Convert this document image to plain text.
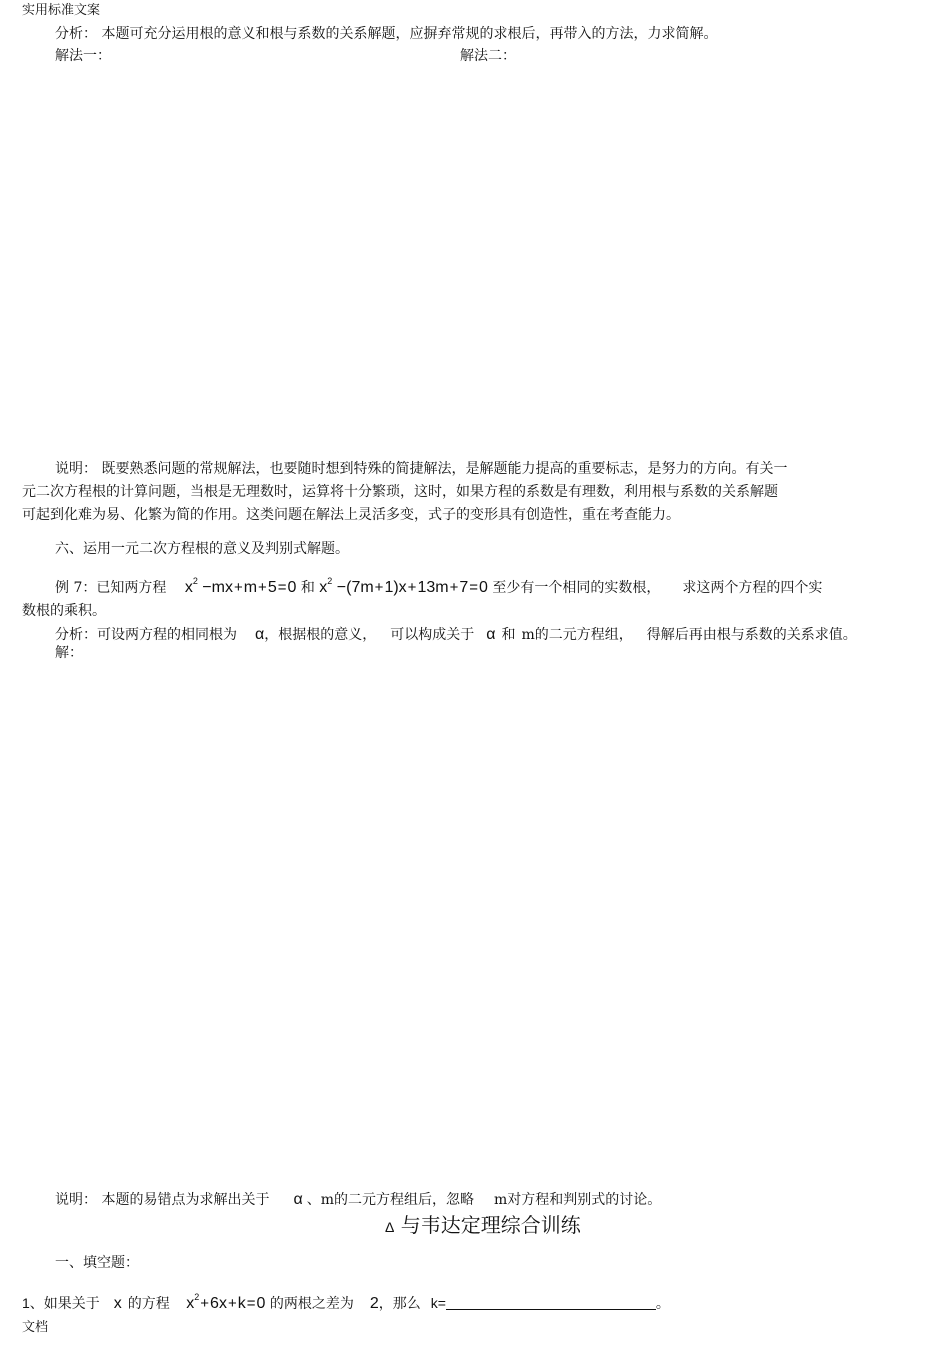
实用标准文案
分析： 本题可充分运用根的意义和根与系数的关系解题，应摒弃常规的求根后，再带入的方法，力求简解。
解法一：	解法二：
说明： 既要熟悉问题的常规解法，也要随时想到特殊的简捷解法，是解题能力提高的重要标志，是努力的方向。有关一
元二次方程根的计算问题，当根是无理数时，运算将十分繁琐，这时，如果方程的系数是有理数，利用根与系数的关系解题
可起到化难为易、化繁为简的作用。这类问题在解法上灵活多变，式子的变形具有创造性，重在考查能力。
六、运用一元二次方程根的意义及判别式解题。
例 7：已知两方程 $x^2 -mx+m+5=0$ 和 $x^2 -(7m+1)x+13m+7=0$ 至少有一个相同的实数根， 求这两个方程的四个实
数根的乘积。
分析：可设两方程的相同根为 α，根据根的意义， 可以构成关于 α 和 m的二元方程组， 得解后再由根与系数的关系求值。
解：
说明： 本题的易错点为求解出关于 α 、m的二元方程组后，忽略 m对方程和判别式的讨论。
Δ 与韦达定理综合训练
一、填空题：
1、如果关于 x 的方程 $x^2+6x+k=0$ 的两根之差为 2，那么 k=	。
文档
